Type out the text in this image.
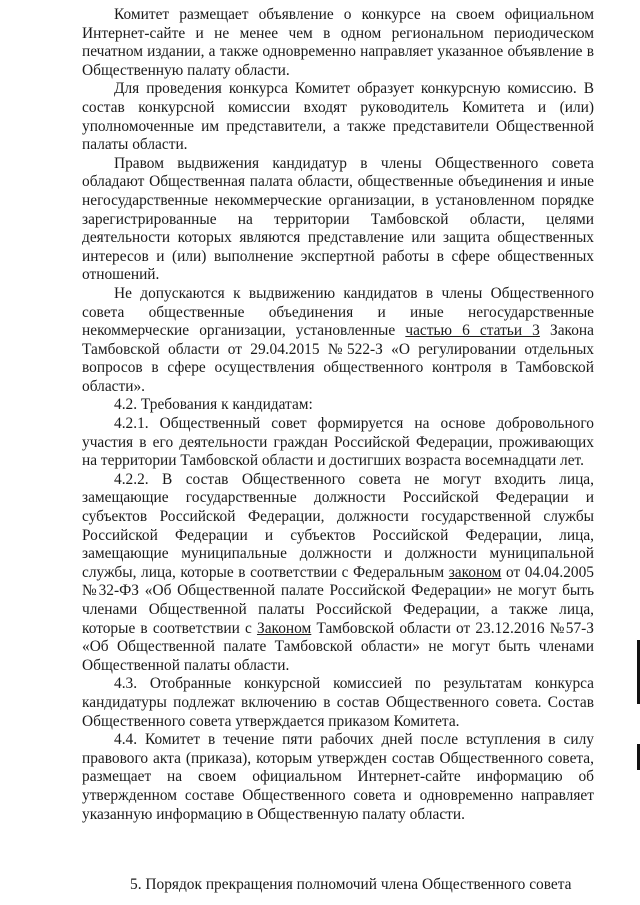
Комитет размещает объявление о конкурсе на своем официальном Интернет-сайте и не менее чем в одном региональном периодическом печатном издании, а также одновременно направляет указанное объявление в Общественную палату области.

Для проведения конкурса Комитет образует конкурсную комиссию. В состав конкурсной комиссии входят руководитель Комитета и (или) уполномоченные им представители, а также представители Общественной палаты области.

Правом выдвижения кандидатур в члены Общественного совета обладают Общественная палата области, общественные объединения и иные негосударственные некоммерческие организации, в установленном порядке зарегистрированные на территории Тамбовской области, целями деятельности которых являются представление или защита общественных интересов и (или) выполнение экспертной работы в сфере общественных отношений.

Не допускаются к выдвижению кандидатов в члены Общественного совета общественные объединения и иные негосударственные некоммерческие организации, установленные частью 6 статьи 3 Закона Тамбовской области от 29.04.2015 №522-З «О регулировании отдельных вопросов в сфере осуществления общественного контроля в Тамбовской области».

4.2. Требования к кандидатам:

4.2.1. Общественный совет формируется на основе добровольного участия в его деятельности граждан Российской Федерации, проживающих на территории Тамбовской области и достигших возраста восемнадцати лет.

4.2.2. В состав Общественного совета не могут входить лица, замещающие государственные должности Российской Федерации и субъектов Российской Федерации, должности государственной службы Российской Федерации и субъектов Российской Федерации, лица, замещающие муниципальные должности и должности муниципальной службы, лица, которые в соответствии с Федеральным законом от 04.04.2005 №32-ФЗ «Об Общественной палате Российской Федерации» не могут быть членами Общественной палаты Российской Федерации, а также лица, которые в соответствии с Законом Тамбовской области от 23.12.2016 №57-З «Об Общественной палате Тамбовской области» не могут быть членами Общественной палаты области.

4.3. Отобранные конкурсной комиссией по результатам конкурса кандидатуры подлежат включению в состав Общественного совета. Состав Общественного совета утверждается приказом Комитета.

4.4. Комитет в течение пяти рабочих дней после вступления в силу правового акта (приказа), которым утвержден состав Общественного совета, размещает на своем официальном Интернет-сайте информацию об утвержденном составе Общественного совета и одновременно направляет указанную информацию в Общественную палату области.

5. Порядок прекращения полномочий члена Общественного совета
